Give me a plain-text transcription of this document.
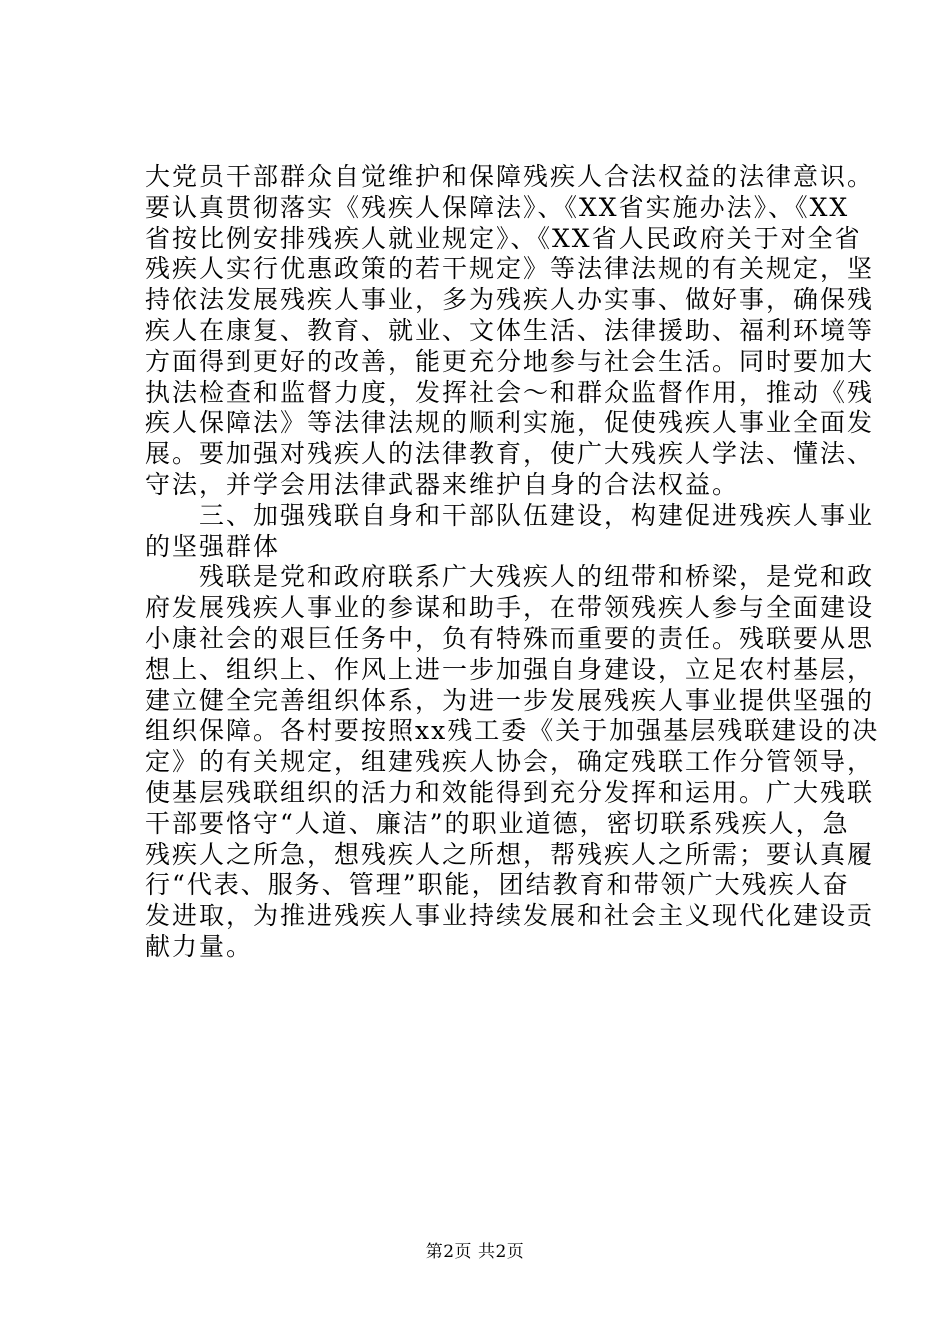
大党员干部群众自觉维护和保障残疾人合法权益的法律意识。
要认真贯彻落实《残疾人保障法》、《XX省实施办法》、《XX
省按比例安排残疾人就业规定》、《XX省人民政府关于对全省
残疾人实行优惠政策的若干规定》等法律法规的有关规定，坚
持依法发展残疾人事业，多为残疾人办实事、做好事，确保残
疾人在康复、教育、就业、文体生活、法律援助、福利环境等
方面得到更好的改善，能更充分地参与社会生活。同时要加大
执法检查和监督力度，发挥社会～和群众监督作用，推动《残
疾人保障法》等法律法规的顺利实施，促使残疾人事业全面发
展。要加强对残疾人的法律教育，使广大残疾人学法、懂法、
守法，并学会用法律武器来维护自身的合法权益。
　　三、加强残联自身和干部队伍建设，构建促进残疾人事业
的坚强群体
　　残联是党和政府联系广大残疾人的纽带和桥梁，是党和政
府发展残疾人事业的参谋和助手，在带领残疾人参与全面建设
小康社会的艰巨任务中，负有特殊而重要的责任。残联要从思
想上、组织上、作风上进一步加强自身建设，立足农村基层，
建立健全完善组织体系，为进一步发展残疾人事业提供坚强的
组织保障。各村要按照xx残工委《关于加强基层残联建设的决
定》的有关规定，组建残疾人协会，确定残联工作分管领导，
使基层残联组织的活力和效能得到充分发挥和运用。广大残联
干部要恪守“人道、廉洁”的职业道德，密切联系残疾人，急
残疾人之所急，想残疾人之所想，帮残疾人之所需；要认真履
行“代表、服务、管理”职能，团结教育和带领广大残疾人奋
发进取，为推进残疾人事业持续发展和社会主义现代化建设贡
献力量。
第2页 共2页
